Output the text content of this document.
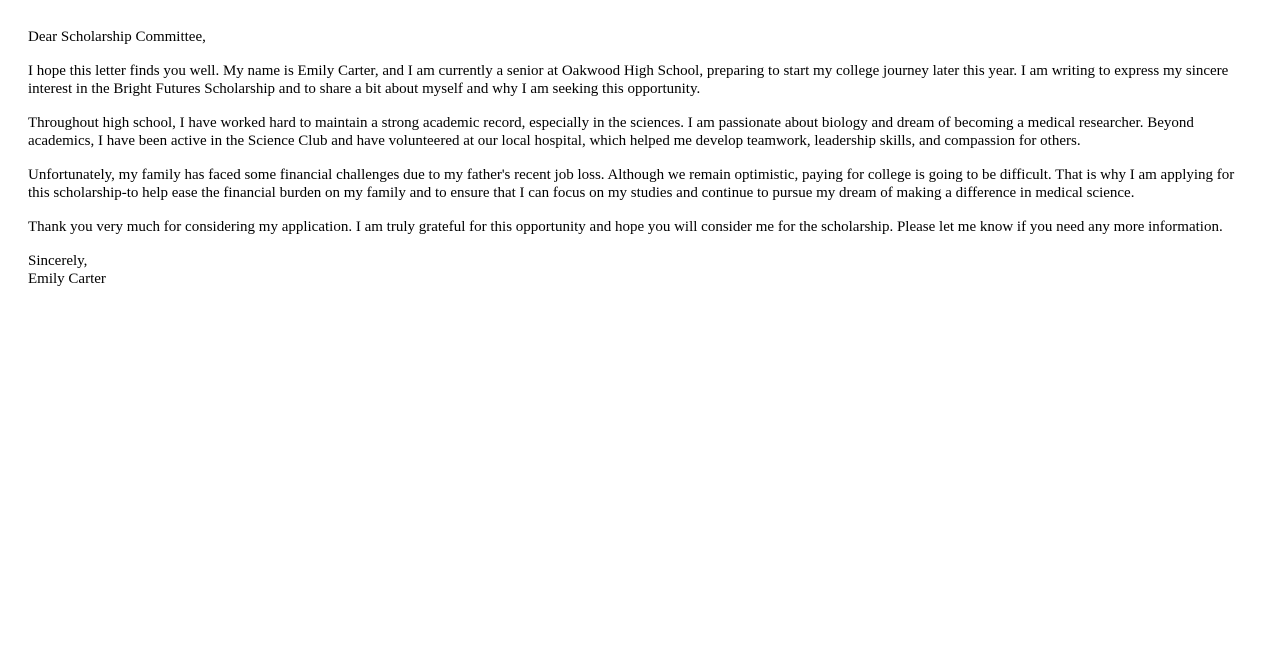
Dear Scholarship Committee,

I hope this letter finds you well. My name is Emily Carter, and I am currently a senior at Oakwood High School, preparing to start my college journey later this year. I am writing to express my sincere interest in the Bright Futures Scholarship and to share a bit about myself and why I am seeking this opportunity.

Throughout high school, I have worked hard to maintain a strong academic record, especially in the sciences. I am passionate about biology and dream of becoming a medical researcher. Beyond academics, I have been active in the Science Club and have volunteered at our local hospital, which helped me develop teamwork, leadership skills, and compassion for others.

Unfortunately, my family has faced some financial challenges due to my father's recent job loss. Although we remain optimistic, paying for college is going to be difficult. That is why I am applying for this scholarship-to help ease the financial burden on my family and to ensure that I can focus on my studies and continue to pursue my dream of making a difference in medical science.

Thank you very much for considering my application. I am truly grateful for this opportunity and hope you will consider me for the scholarship. Please let me know if you need any more information.

Sincerely,
Emily Carter
